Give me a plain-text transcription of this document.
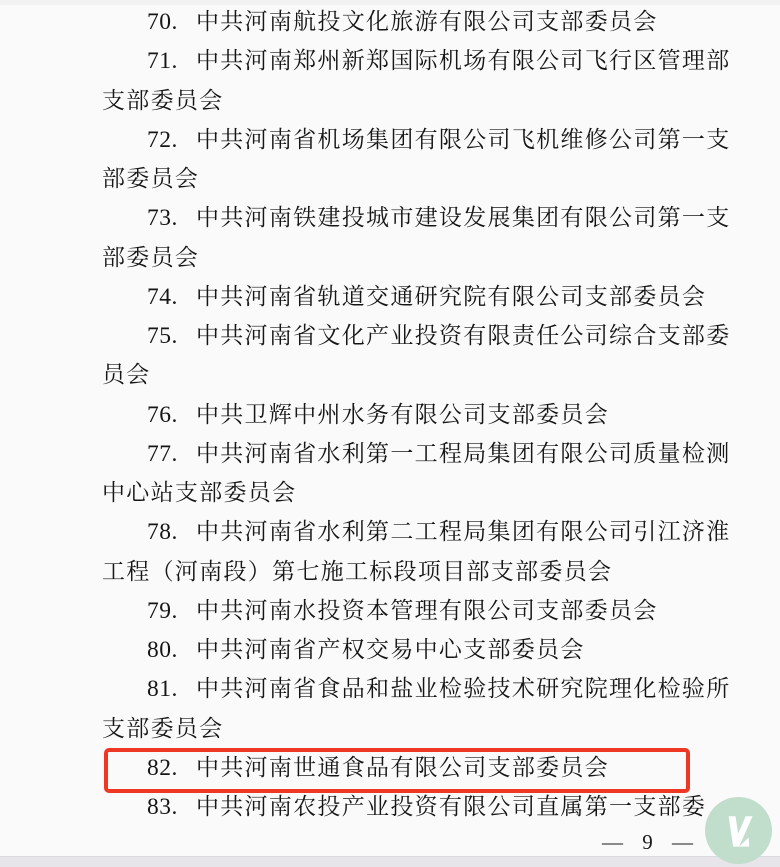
70. 中共河南航投文化旅游有限公司支部委员会
71. 中共河南郑州新郑国际机场有限公司飞行区管理部
支部委员会
72. 中共河南省机场集团有限公司飞机维修公司第一支
部委员会
73. 中共河南铁建投城市建设发展集团有限公司第一支
部委员会
74. 中共河南省轨道交通研究院有限公司支部委员会
75. 中共河南省文化产业投资有限责任公司综合支部委
员会
76. 中共卫辉中州水务有限公司支部委员会
77. 中共河南省水利第一工程局集团有限公司质量检测
中心站支部委员会
78. 中共河南省水利第二工程局集团有限公司引江济淮
工程（河南段）第七施工标段项目部支部委员会
79. 中共河南水投资本管理有限公司支部委员会
80. 中共河南省产权交易中心支部委员会
81. 中共河南省食品和盐业检验技术研究院理化检验所
支部委员会
82. 中共河南世通食品有限公司支部委员会
83. 中共河南农投产业投资有限公司直属第一支部委
— 9 —
